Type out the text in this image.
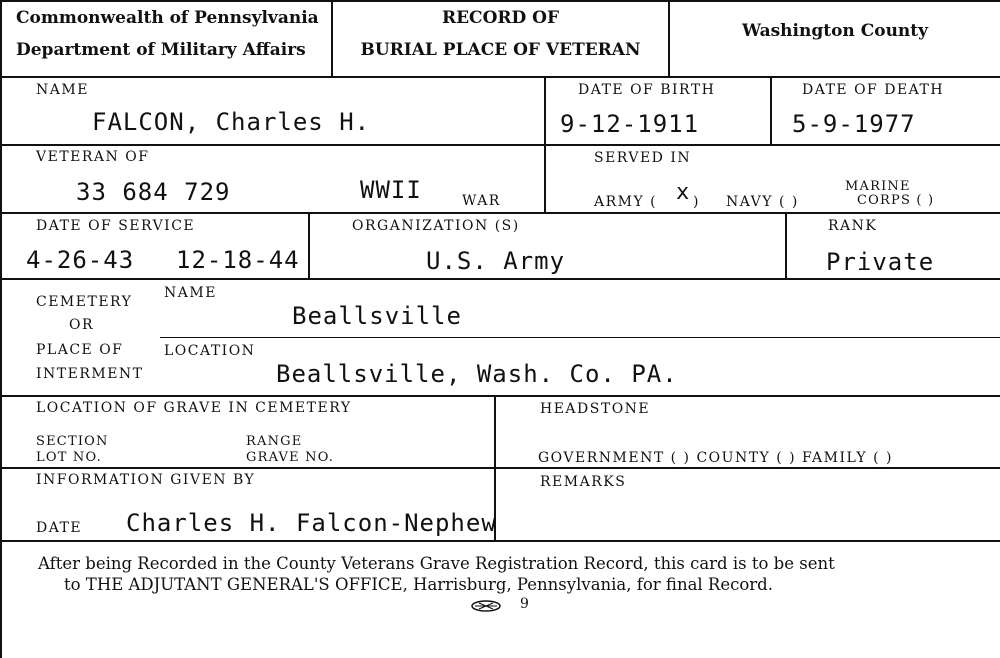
Commonwealth of Pennsylvania
Department of Military Affairs
RECORD OF
BURIAL PLACE OF VETERAN
Washington County
NAME
FALCON, Charles H.
DATE OF BIRTH
9-12-1911
DATE OF DEATH
5-9-1977
VETERAN OF
33 684 729	WWII	WAR
SERVED IN
ARMY ( x ) NAVY ( )
MARINE
CORPS ( )
DATE OF SERVICE
4-26-43 12-18-44
ORGANIZATION (S)
U.S. Army
RANK
Private
CEMETERY
OR
PLACE OF
INTERMENT
NAME
Beallsville
LOCATION
Beallsville, Wash. Co. PA.
LOCATION OF GRAVE IN CEMETERY
SECTION
LOT NO.
RANGE
GRAVE NO.
HEADSTONE
GOVERNMENT ( ) COUNTY ( ) FAMILY ( )
INFORMATION GIVEN BY
DATE Charles H. Falcon-Nephew
REMARKS
After being Recorded in the County Veterans Grave Registration Record, this card is to be sent
to THE ADJUTANT GENERAL'S OFFICE, Harrisburg, Pennsylvania, for final Record.
9
